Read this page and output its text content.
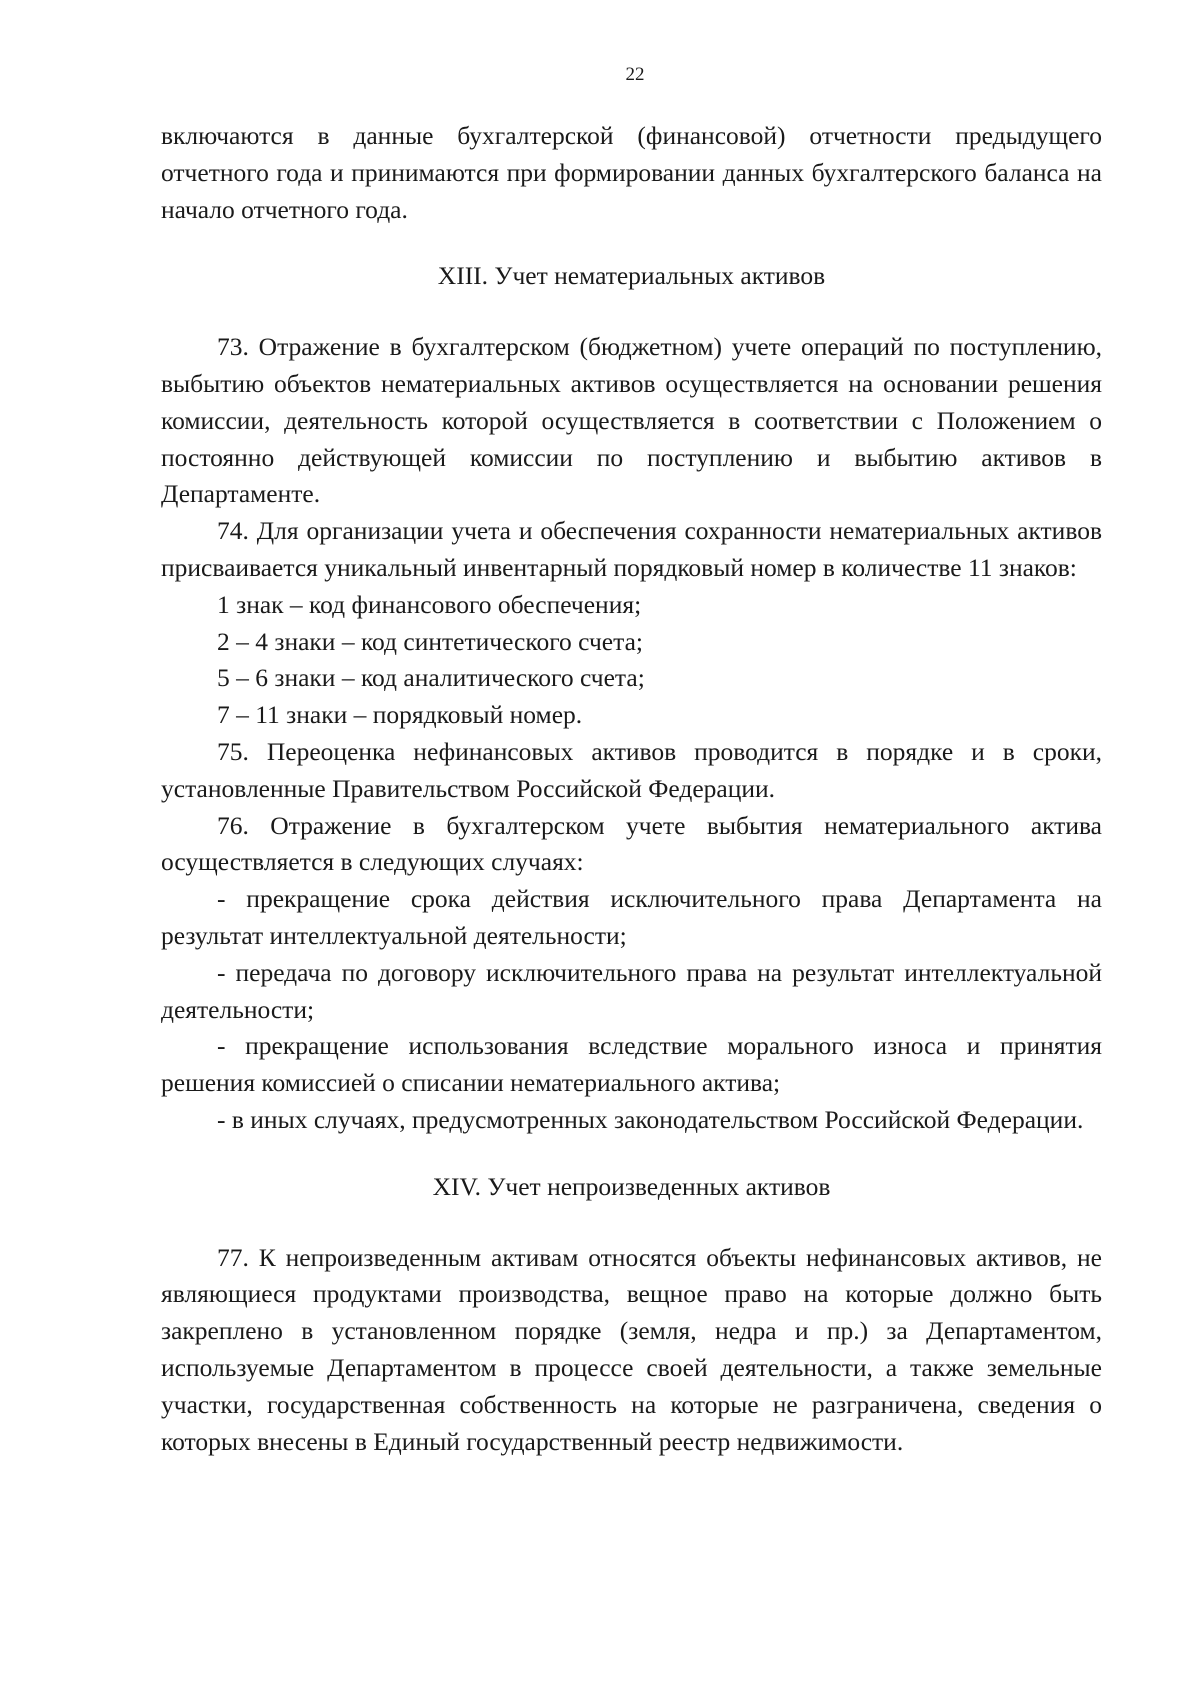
22

включаются в данные бухгалтерской (финансовой) отчетности предыдущего отчетного года и принимаются при формировании данных бухгалтерского баланса на начало отчетного года.

XIII. Учет нематериальных активов

73. Отражение в бухгалтерском (бюджетном) учете операций по поступлению, выбытию объектов нематериальных активов осуществляется на основании решения комиссии, деятельность которой осуществляется в соответствии с Положением о постоянно действующей комиссии по поступлению и выбытию активов в Департаменте.

74. Для организации учета и обеспечения сохранности нематериальных активов присваивается уникальный инвентарный порядковый номер в количестве 11 знаков:

1 знак – код финансового обеспечения;

2 – 4 знаки – код синтетического счета;

5 – 6 знаки – код аналитического счета;

7 – 11 знаки – порядковый номер.

75. Переоценка нефинансовых активов проводится в порядке и в сроки, установленные Правительством Российской Федерации.

76. Отражение в бухгалтерском учете выбытия нематериального актива осуществляется в следующих случаях:

- прекращение срока действия исключительного права Департамента на результат интеллектуальной деятельности;

- передача по договору исключительного права на результат интеллектуальной деятельности;

- прекращение использования вследствие морального износа и принятия решения комиссией о списании нематериального актива;

- в иных случаях, предусмотренных законодательством Российской Федерации.

XIV. Учет непроизведенных активов

77. К непроизведенным активам относятся объекты нефинансовых активов, не являющиеся продуктами производства, вещное право на которые должно быть закреплено в установленном порядке (земля, недра и пр.) за Департаментом, используемые Департаментом в процессе своей деятельности, а также земельные участки, государственная собственность на которые не разграничена, сведения о которых внесены в Единый государственный реестр недвижимости.
